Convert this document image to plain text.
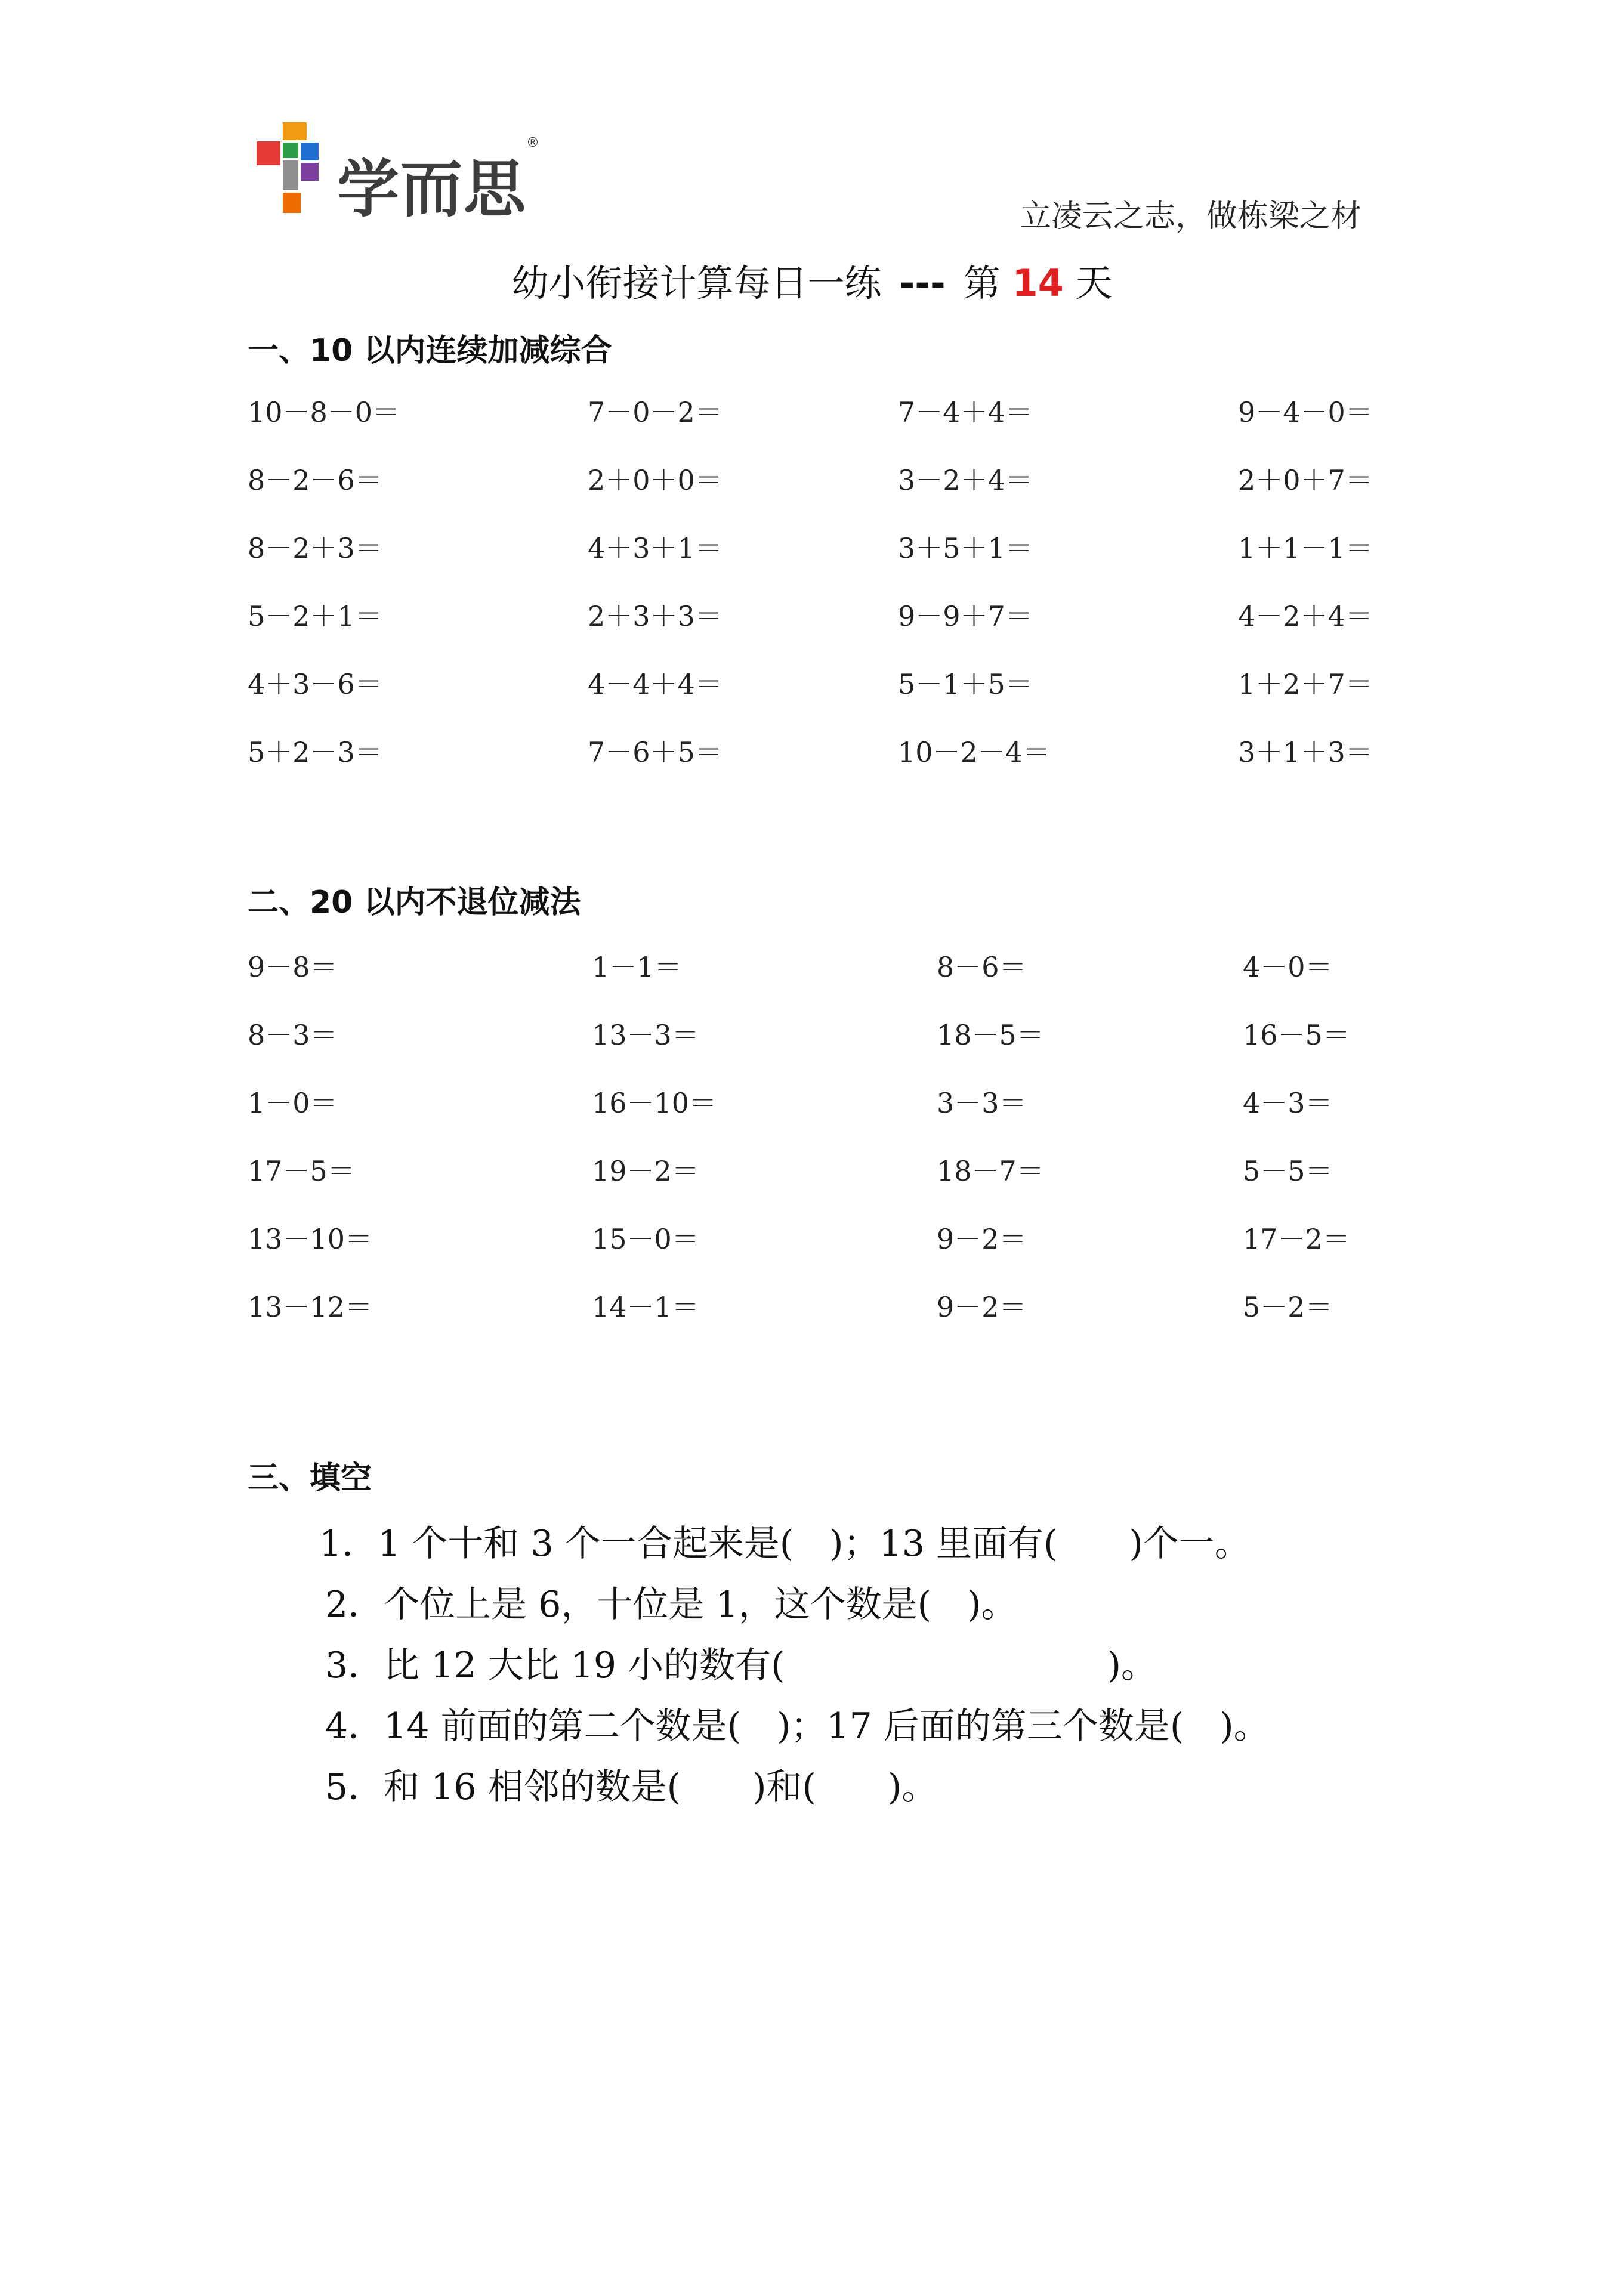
学而思
®
立凌云之志，做栋梁之材
幼小衔接计算每日一练 --- 第 14 天
一、10 以内连续加减综合
10－8－0＝	7－0－2＝	7－4＋4＝	9－4－0＝
8－2－6＝	2＋0＋0＝	3－2＋4＝	2＋0＋7＝
8－2＋3＝	4＋3＋1＝	3＋5＋1＝	1＋1－1＝
5－2＋1＝	2＋3＋3＝	9－9＋7＝	4－2＋4＝
4＋3－6＝	4－4＋4＝	5－1＋5＝	1＋2＋7＝
5＋2－3＝	7－6＋5＝	10－2－4＝	3＋1＋3＝
二、20 以内不退位减法
9－8＝	1－1＝	8－6＝	4－0＝
8－3＝	13－3＝	18－5＝	16－5＝
1－0＝	16－10＝	3－3＝	4－3＝
17－5＝	19－2＝	18－7＝	5－5＝
13－10＝	15－0＝	9－2＝	17－2＝
13－12＝	14－1＝	9－2＝	5－2＝
三、填空
1．1 个十和 3 个一合起来是(　)；13 里面有(　　)个一。
2．个位上是 6，十位是 1，这个数是(　)。
3．比 12 大比 19 小的数有(　　　　　　　　　)。
4．14 前面的第二个数是(　)；17 后面的第三个数是(　)。
5．和 16 相邻的数是(　　)和(　　)。
